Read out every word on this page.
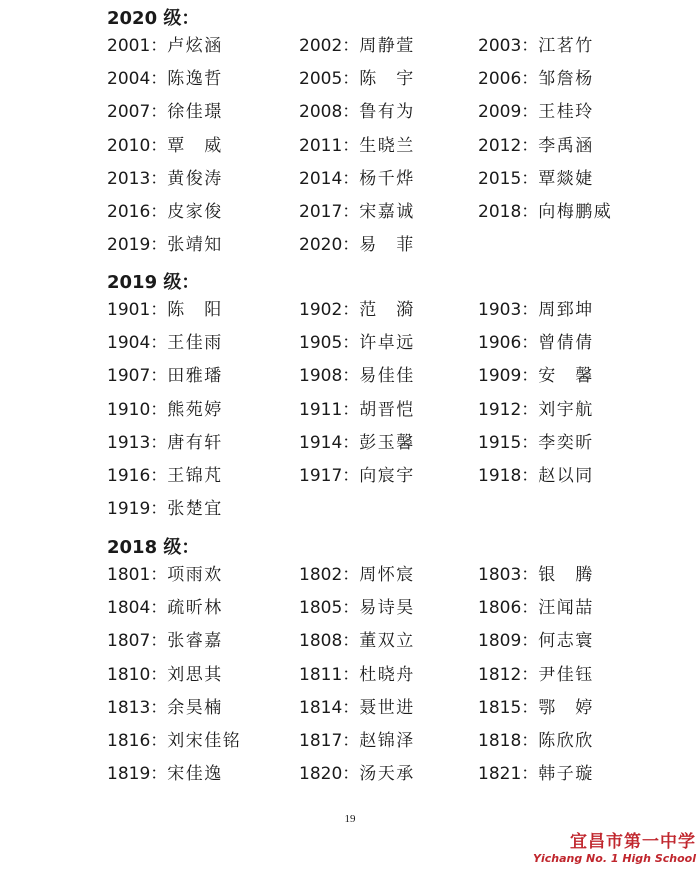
2020 级：
2001：卢炫涵	2002：周静萱	2003：江茗竹
2004：陈逸哲	2005：陈　宇	2006：邹詹杨
2007：徐佳璟	2008：鲁有为	2009：王桂玲
2010：覃　威	2011：生晓兰	2012：李禹涵
2013：黄俊涛	2014：杨千烨	2015：覃燚婕
2016：皮家俊	2017：宋嘉诚	2018：向梅鹏威
2019：张靖知	2020：易　菲
2019 级：
1901：陈　阳	1902：范　漪	1903：周郅坤
1904：王佳雨	1905：许卓远	1906：曾倩倩
1907：田雅璠	1908：易佳佳	1909：安　馨
1910：熊苑婷	1911：胡晋恺	1912：刘宇航
1913：唐有轩	1914：彭玉馨	1915：李奕昕
1916：王锦芃	1917：向宸宇	1918：赵以同
1919：张楚宜
2018 级：
1801：项雨欢	1802：周怀宸	1803：银　腾
1804：疏昕林	1805：易诗昊	1806：汪闻喆
1807：张睿嘉	1808：董双立	1809：何志寰
1810：刘思其	1811：杜晓舟	1812：尹佳钰
1813：余昊楠	1814：聂世进	1815：鄂　婷
1816：刘宋佳铭	1817：赵锦泽	1818：陈欣欣
1819：宋佳逸	1820：汤天承	1821：韩子璇
19
宜昌市第一中学
Yichang No. 1 High School
